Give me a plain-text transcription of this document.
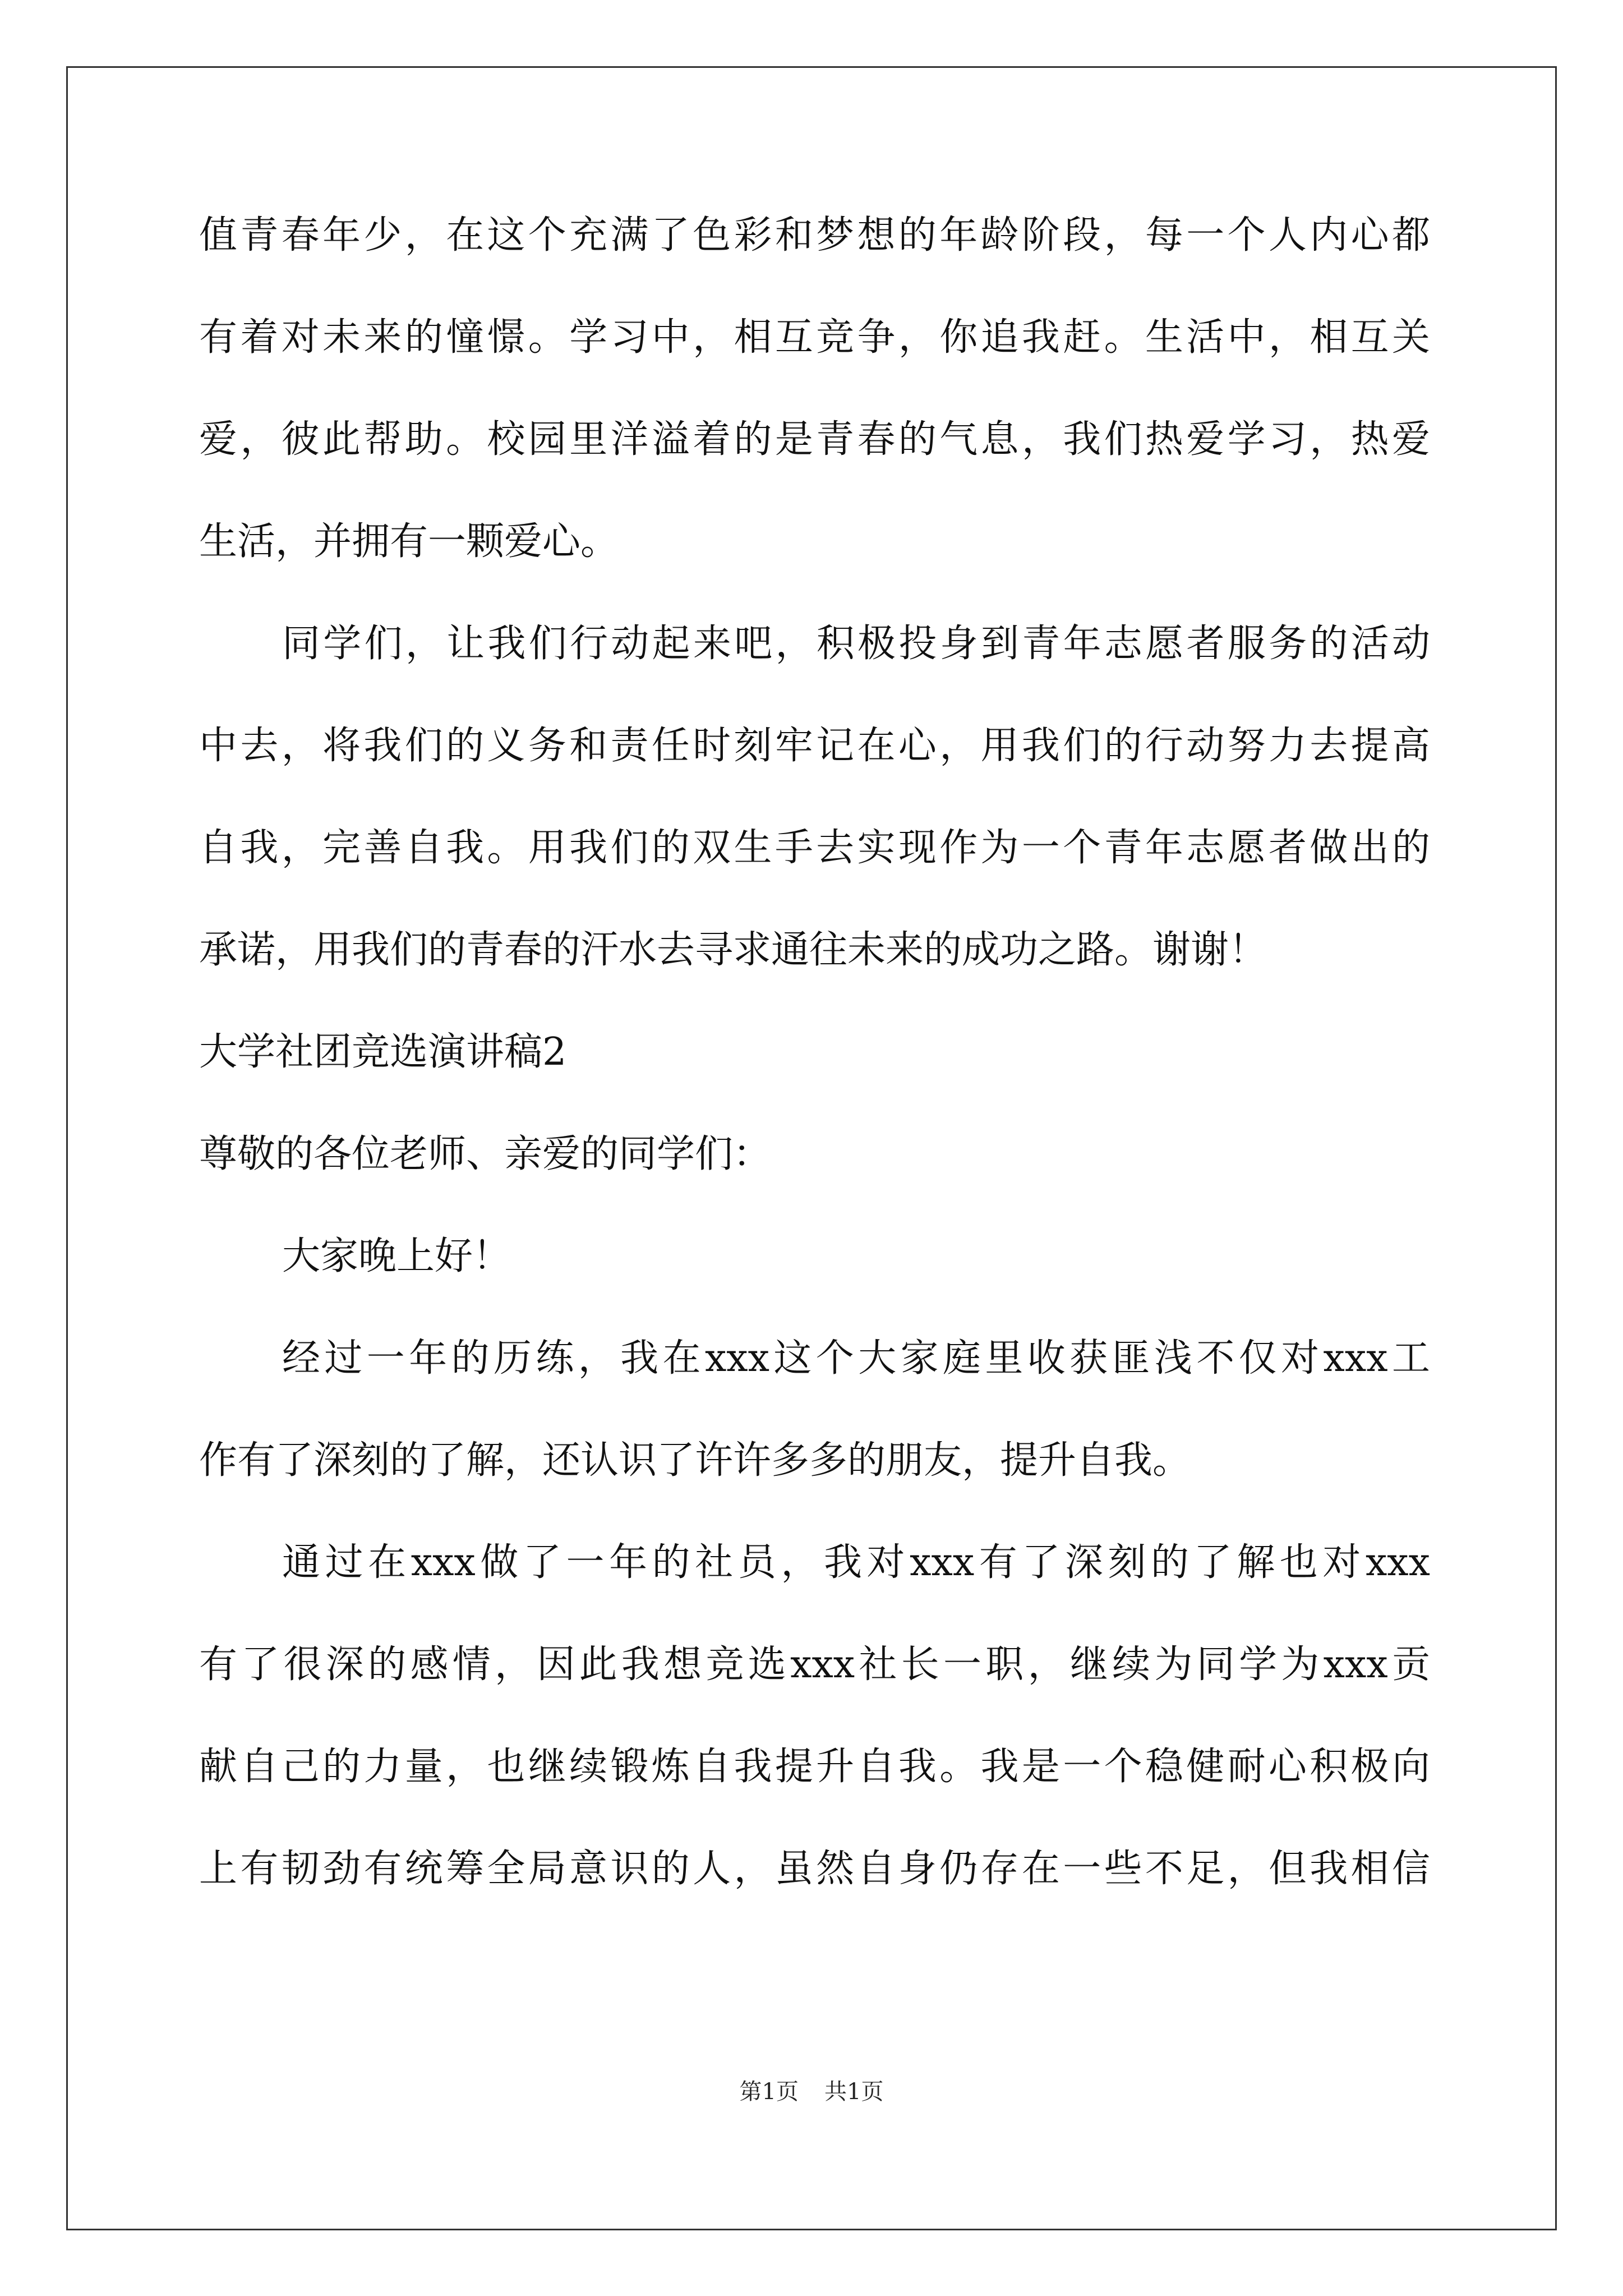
值青春年少，在这个充满了色彩和梦想的年龄阶段，每一个人内心都
有着对未来的憧憬。学习中，相互竞争，你追我赶。生活中，相互关
爱，彼此帮助。校园里洋溢着的是青春的气息，我们热爱学习，热爱
生活，并拥有一颗爱心。
同学们，让我们行动起来吧，积极投身到青年志愿者服务的活动
中去，将我们的义务和责任时刻牢记在心，用我们的行动努力去提高
自我，完善自我。用我们的双生手去实现作为一个青年志愿者做出的
承诺，用我们的青春的汗水去寻求通往未来的成功之路。谢谢！
大学社团竞选演讲稿2
尊敬的各位老师、亲爱的同学们：
大家晚上好！
经过一年的历练，我在xxx这个大家庭里收获匪浅不仅对xxx工
作有了深刻的了解，还认识了许许多多的朋友，提升自我。
通过在xxx做了一年的社员，我对xxx有了深刻的了解也对xxx
有了很深的感情，因此我想竞选xxx社长一职，继续为同学为xxx贡
献自己的力量，也继续锻炼自我提升自我。我是一个稳健耐心积极向
上有韧劲有统筹全局意识的人，虽然自身仍存在一些不足，但我相信
第1页 共1页
